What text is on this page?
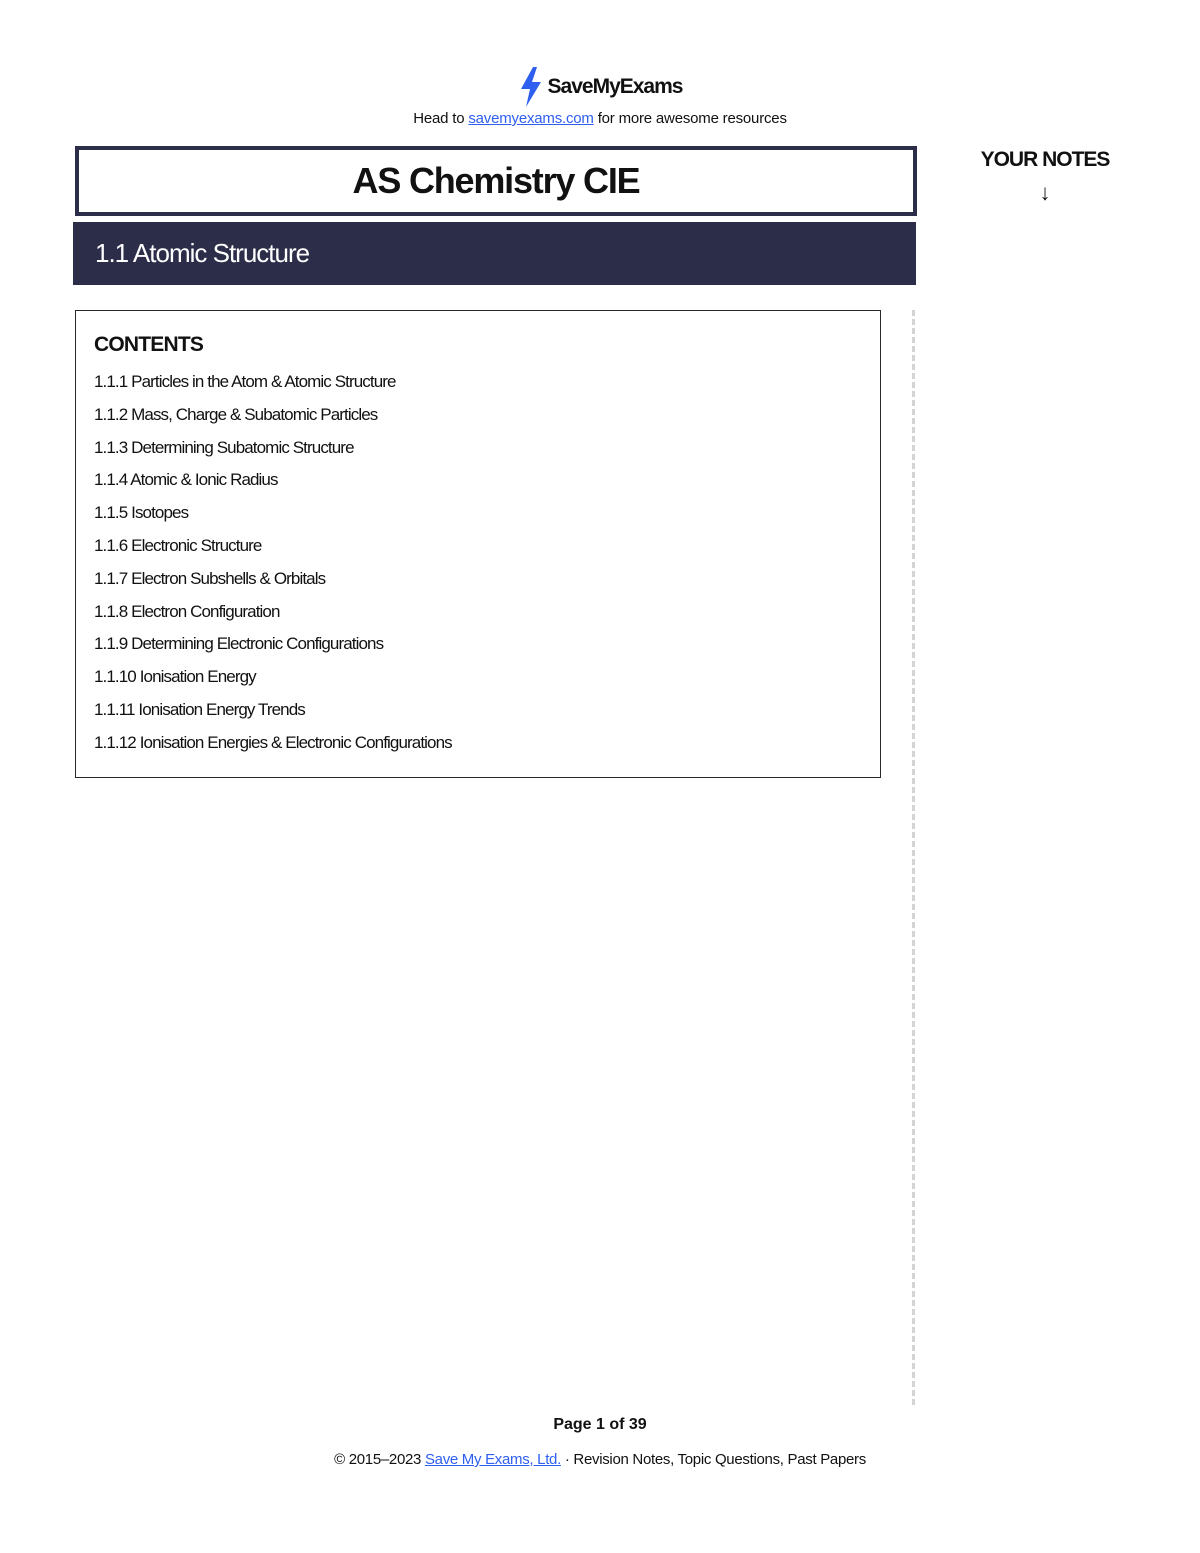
SaveMyExams
Head to savemyexams.com for more awesome resources
AS Chemistry CIE
1.1 Atomic Structure
YOUR NOTES
↓
CONTENTS
1.1.1 Particles in the Atom & Atomic Structure
1.1.2 Mass, Charge & Subatomic Particles
1.1.3 Determining Subatomic Structure
1.1.4 Atomic & Ionic Radius
1.1.5 Isotopes
1.1.6 Electronic Structure
1.1.7 Electron Subshells & Orbitals
1.1.8 Electron Configuration
1.1.9 Determining Electronic Configurations
1.1.10 Ionisation Energy
1.1.11 Ionisation Energy Trends
1.1.12 Ionisation Energies & Electronic Configurations
Page 1 of 39
© 2015–2023 Save My Exams, Ltd. · Revision Notes, Topic Questions, Past Papers
